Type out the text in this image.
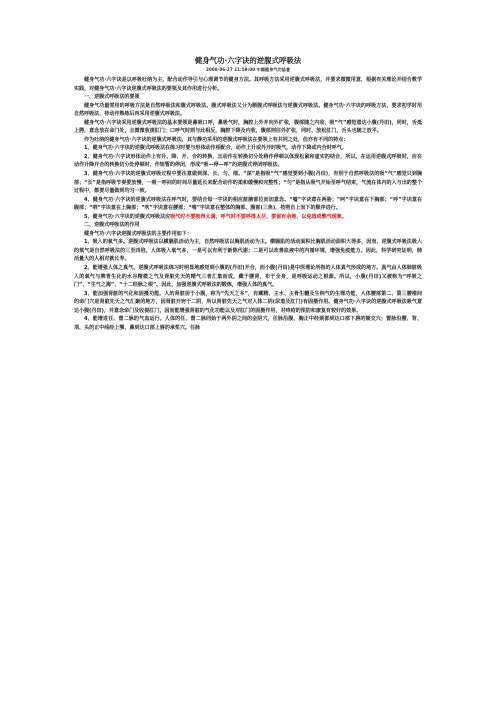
健身气功·六字诀的逆腹式呼吸法

2008-06-27 11:59:00 中國健身气功協會

健身气功·六字诀是以呼吸吐纳为主，配合动作导引与心理调节的健身方法。其呼吸方法采用逆腹式呼吸法，并要求微微用意，根据有关理论并结合教学实践，对健身气功·六字诀逆腹式呼吸法的要领及其作用进行分析。

一、逆腹式呼吸法的要领

健身气功最常用的呼吸方法是自然呼吸法和腹式呼吸法。腹式呼吸法又分为顺腹式呼吸法与逆腹式呼吸法。健身气功·六字诀的呼吸方法，要求初学时用自然呼吸法，待动作熟练后再采用逆腹式呼吸法。

健身气功·六字诀采用逆腹式呼吸法的基本要领是鼻吸口呼，鼻吸气时，胸腔上外并向外扩张，腹部随之内收，吸“气”感觉意达小腹(丹田)，同时，舌抵上腭，意念放在命门处，且微微收提肛门；口呼气时则与此相反，胸腔下降及内收，腹部则往外扩张，同时，放松肛门，舌头也随之放平。

作为吐纳的健身气功·六字诀的逆腹式呼吸法，其与静功采用的逆腹式呼吸法在要领上有共同之处，但亦有不同的特点：

1、健身气功·六字诀的逆腹式呼吸法在练习时要与形体动作相配合，动作上升或外开时吸气，动作下降或内合时呼气。

2、健身气功·六字诀形体动作上有升、降、开、合的转换，且动作在转换切分处稍作停顿以体现松紧和虚实的结合，所以，在运用逆腹式呼吸时，应在动作升降开合的转换切分处停顿时，作短暂的停闭，形成“吸—停—呼”的逆腹式停闭呼吸法。

3、健身气功·六字诀的逆腹式呼吸过程中要注意做到深、长、匀、细。“深”是指吸“气”感觉要到小腹(丹田)，有别于自然呼吸法的吸“气”感觉只到胸部；“长”是指呼吸节奏要放慢，一吸一呼间的时间尽量延长来配合动作的柔和缓慢和完整性；“匀”是指从吸气开始至呼气结束，气流在体内的入与出的整个过程中，都要尽量做到均匀一致。

4、健身气功·六字诀的逆腹式呼吸法在呼气时，要结合每一字诀的相应脏腑部位而加意念。“嘘”字诀意在两胁；“呵”字诀意在下胸部；“呼”字诀意在腹部；“呬”字诀意在上胸部；“吹”字诀意在腰部；“嘻”字诀意在整体的胸部、腹部(三焦)，按照自上而下的顺序进行。

5、健身气功·六字诀的逆腹式呼吸法应吸气时不要吸得太满，呼气时不要呼得太尽，要留有余地，以免造成憋气现象。

二、逆腹式呼吸法的作用

健身气功·六字诀逆腹式呼吸法的主要作用如下：

1、吸入的氧气多。逆腹式呼吸法以横膈肌活动为主，自然呼吸法以胸肌活动为主。横膈肌的活动面积比胸肌活动面积大得多，因而，逆腹式呼吸法吸入的氧气是自然呼吸法的三至四倍。人体吸入氧气多，一是可以有利于新陈代谢；二是可以改善血液中的内循环境，增强免疫能力。因此，科学研究证明，肺活量大的人相对就长寿。

2、能增强人体之真气。逆腹式呼吸法练习时明显地感觉到小腹的(丹田)开合，而小腹(丹田)是中医理论所指的人体真气形成的地方。真气由人体肺脏吸入的氧气与脾胃生化的水谷精微之气及肾脏先天的精气三者汇集而成，藏于腰肾，布于全身，是呼吸运动之根源。所以，小腹(丹田)又被称为“呼吸之门”、“生气之海”、“十二经脉之根”。因此，加强逆腹式呼吸法的锻炼，增强人体的真气。

3、能加强肾脏的气化和固摄功能。人的肾脏居于小腹，称为“先天之本”，有藏精、主水、主骨生髓及生纳气的生理功能，人体腰部第二、第三腰椎间的命门穴是肾脏先天之气汇聚的地方，因肾脏开窍于二阴，所以肾脏先天之气对人体二阴(尿道及肛门)有固摄作用。健身气功·六字诀的逆腹式呼吸法吸气意达小腹(丹田)，并意念命门及收提肛门，因而能增强肾脏的气化功能以及对肛门的固摄作用，对痔疮的预防和康复有较好的效果。

4、能增进任、督二脉的气血运行。人体的任、督二脉同始于两外阴之间的会阴穴，任脉沿腹、胸正中经颈部到达口部下唇的颏交穴；督脉沿腰、背、项、头的正中线经上颚、鼻到达口部上唇的承浆穴。任脉
